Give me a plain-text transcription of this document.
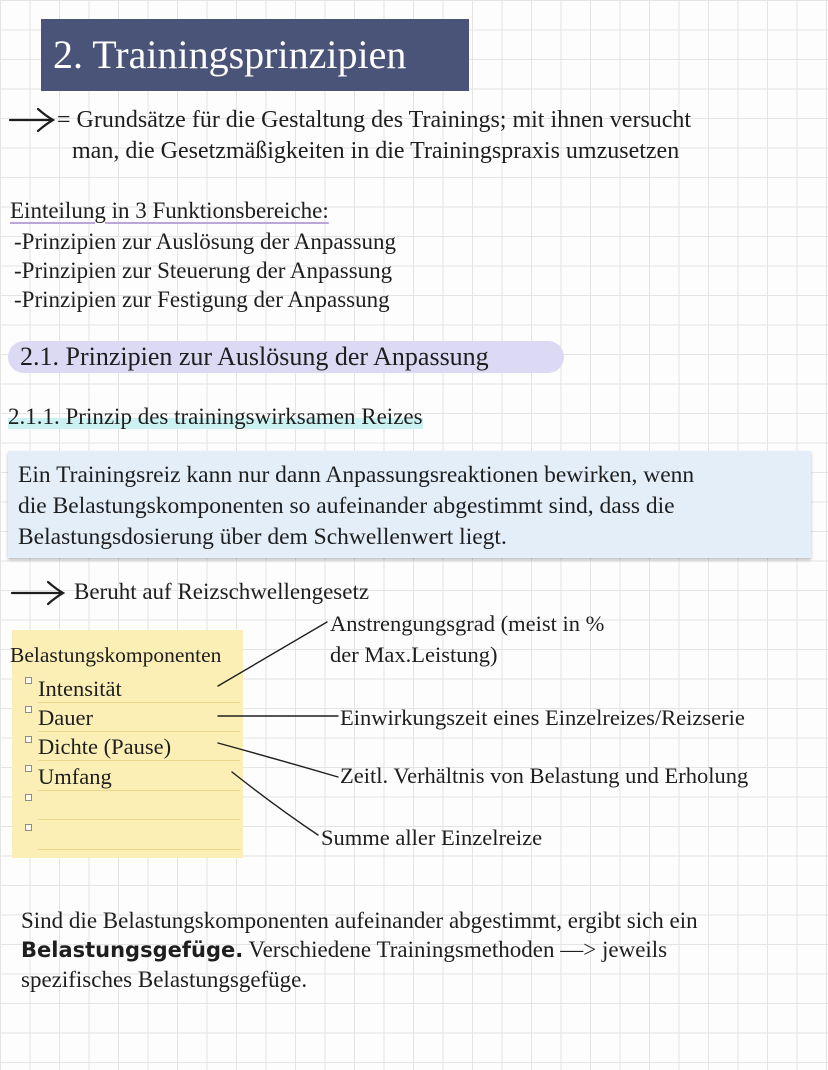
2. Trainingsprinzipien
= Grundsätze für die Gestaltung des Trainings; mit ihnen versucht
man, die Gesetzmäßigkeiten in die Trainingspraxis umzusetzen
Einteilung in 3 Funktionsbereiche:
-Prinzipien zur Auslösung der Anpassung
-Prinzipien zur Steuerung der Anpassung
-Prinzipien zur Festigung der Anpassung
2.1. Prinzipien zur Auslösung der Anpassung
2.1.1. Prinzip des trainingswirksamen Reizes
Ein Trainingsreiz kann nur dann Anpassungsreaktionen bewirken, wenn
die Belastungskomponenten so aufeinander abgestimmt sind, dass die
Belastungsdosierung über dem Schwellenwert liegt.
Beruht auf Reizschwellengesetz
Belastungskomponenten
Intensität
Dauer
Dichte (Pause)
Umfang
Anstrengungsgrad (meist in %
der Max.Leistung)
Einwirkungszeit eines Einzelreizes/Reizserie
Zeitl. Verhältnis von Belastung und Erholung
Summe aller Einzelreize
Sind die Belastungskomponenten aufeinander abgestimmt, ergibt sich ein
Belastungsgefüge. Verschiedene Trainingsmethoden —> jeweils
spezifisches Belastungsgefüge.
